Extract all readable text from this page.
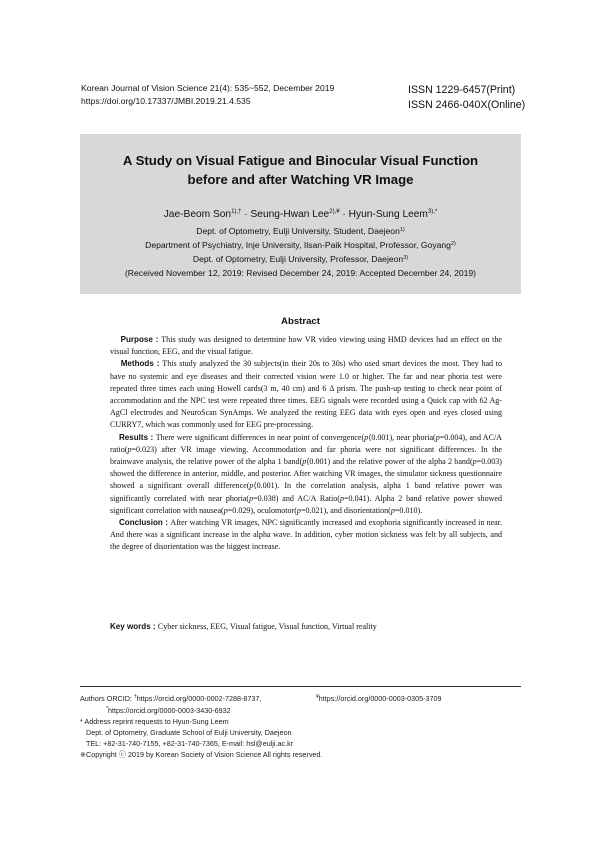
Korean Journal of Vision Science 21(4): 535~552, December 2019
https://doi.org/10.17337/JMBI.2019.21.4.535
ISSN 1229-6457(Print)
ISSN 2466-040X(Online)
A Study on Visual Fatigue and Binocular Visual Function
before and after Watching VR Image
Jae-Beom Son$^{1),\dagger}$ · Seung-Hwan Lee$^{2),¥}$ · Hyun-Sung Leem$^{3),*}$
Dept. of Optometry, Eulji University, Student, Daejeon$^{1)}$
Department of Psychiatry, Inje University, Ilsan-Paik Hospital, Professor, Goyang$^{2)}$
Dept. of Optometry, Eulji University, Professor, Daejeon$^{3)}$
(Received November 12, 2019: Revised December 24, 2019: Accepted December 24, 2019)
Abstract

Purpose : This study was designed to determine how VR video viewing using HMD devices had an effect on the visual function, EEG, and the visual fatigue.

Methods : This study analyzed the 30 subjects(in their 20s to 30s) who used smart devices the most. They had to have no systemic and eye diseases and their corrected vision were 1.0 or higher. The far and near phoria test were repeated three times each using Howell cards(3 m, 40 cm) and 6 Δ prism. The push-up testing to check near point of accommodation and the NPC test were repeated three times. EEG signals were recorded using a Quick cap with 62 Ag-AgCl electrodes and NeuroScan SynAmps. We analyzed the resting EEG data with eyes open and eyes closed using CURRY7, which was commonly used for EEG pre-processing.

Results : There were significant differences in near point of convergence(p⟨0.001), near phoria(p=0.004), and AC/A ratio(p=0.023) after VR image viewing. Accommodation and far phoria were not significant differences. In the brainwave analysis, the relative power of the alpha 1 band(p⟨0.001) and the relative power of the alpha 2 band(p=0.003) showed the difference in anterior, middle, and posterior. After watching VR images, the simulator sickness questionnaire showed a significant overall difference(p⟨0.001). In the correlation analysis, alpha 1 band relative power was significantly correlated with near phoria(p=0.038) and AC/A Ratio(p=0.041). Alpha 2 band relative power showed significant correlation with nausea(p=0.029), oculomotor(p=0.021), and disorientation(p=0.010).

Conclusion : After watching VR images, NPC significantly increased and exophoria significantly increased in near. And there was a significant increase in the alpha wave. In addition, cyber motion sickness was felt by all subjects, and the degree of disorientation was the biggest increase.

Key words : Cyber sickness, EEG, Visual fatigue, Visual function, Virtual reality
Authors ORCID: †https://orcid.org/0000-0002-7288-8737,	¥https://orcid.org/0000-0003-0305-3709
*https://orcid.org/0000-0003-3430-6932
* Address reprint requests to Hyun-Sung Leem
Dept. of Optometry, Graduate School of Eulji University, Daejeon
TEL: +82-31-740-7155, +82-31-740-7365, E-mail: hsl@eulji.ac.kr
※Copyright ⓒ 2019 by Korean Society of Vision Science All rights reserved.
